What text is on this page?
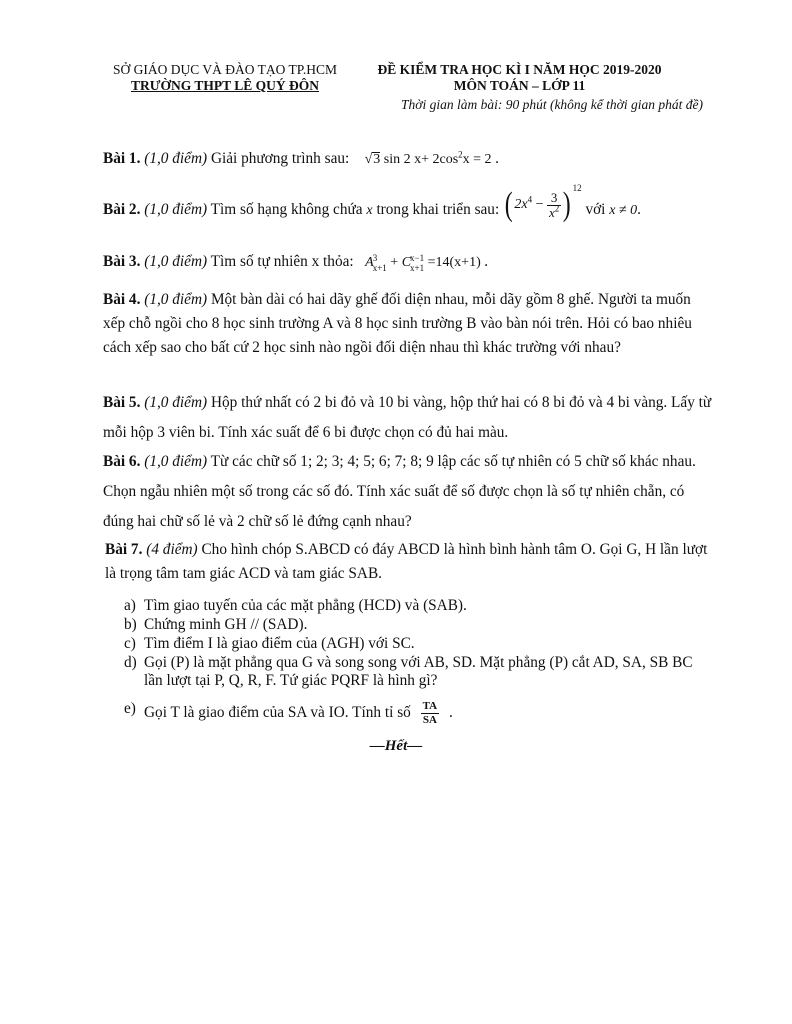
SỞ GIÁO DỤC VÀ ĐÀO TẠO TP.HCM
TRƯỜNG THPT LÊ QUÝ ĐÔN
ĐỀ KIỂM TRA HỌC KÌ I NĂM HỌC 2019-2020
MÔN TOÁN – LỚP 11
Thời gian làm bài: 90 phút (không kể thời gian phát đề)
Bài 1. (1,0 điểm) Giải phương trình sau: √3 sin 2 $x+ 2\cos^2x = 2$ .
Bài 2. (1,0 điểm) Tìm số hạng không chứa x trong khai triển sau: ( $2x^4 - \frac{3}{x^2}$ ) $^{12}$ với x ≠ 0.
Bài 3. (1,0 điểm) Tìm số tự nhiên x thỏa: A 3
x+1 + C x−1
x+1 =14(x+1) .
Bài 4. (1,0 điểm) Một bàn dài có hai dãy ghế đối diện nhau, mỗi dãy gồm 8 ghế. Người ta muốn xếp chỗ ngồi cho 8 học sinh trường A và 8 học sinh trường B vào bàn nói trên. Hỏi có bao nhiêu cách xếp sao cho bất cứ 2 học sinh nào ngồi đối diện nhau thì khác trường với nhau?
Bài 5. (1,0 điểm) Hộp thứ nhất có 2 bi đỏ và 10 bi vàng, hộp thứ hai có 8 bi đỏ và 4 bi vàng. Lấy từ mỗi hộp 3 viên bi. Tính xác suất để 6 bi được chọn có đủ hai màu.
Bài 6. (1,0 điểm) Từ các chữ số 1; 2; 3; 4; 5; 6; 7; 8; 9 lập các số tự nhiên có 5 chữ số khác nhau. Chọn ngẫu nhiên một số trong các số đó. Tính xác suất để số được chọn là số tự nhiên chẵn, có đúng hai chữ số lẻ và 2 chữ số lẻ đứng cạnh nhau?
Bài 7. (4 điểm) Cho hình chóp S.ABCD có đáy ABCD là hình bình hành tâm O. Gọi G, H lần lượt là trọng tâm tam giác ACD và tam giác SAB.
a) Tìm giao tuyến của các mặt phẳng (HCD) và (SAB).
b) Chứng minh GH // (SAD).
c) Tìm điểm I là giao điểm của (AGH) với SC.
d) Gọi (P) là mặt phẳng qua G và song song với AB, SD. Mặt phẳng (P) cắt AD, SA, SB BC lần lượt tại P, Q, R, F. Tứ giác PQRF là hình gì?
e) Gọi T là giao điểm của SA và IO. Tính tỉ số $\frac{TA}{SA}$ .
—Hết—
